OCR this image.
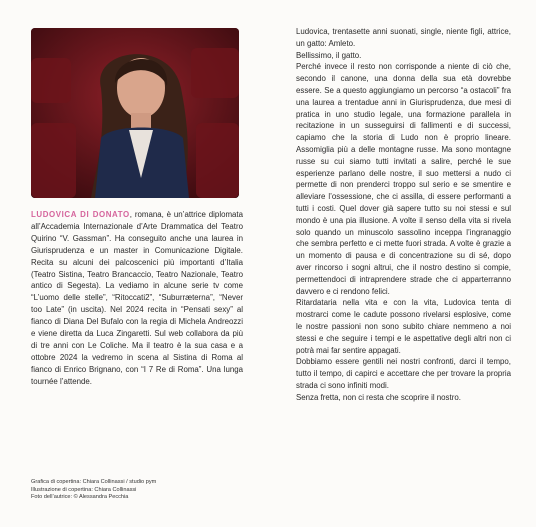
LUDOVICA DI DONATO, romana, è un’attrice diplomata all’Accademia Internazionale d’Arte Drammatica del Teatro Quirino “V. Gassman”. Ha conseguito anche una laurea in Giurisprudenza e un master in Comunicazione Digitale. Recita su alcuni dei palcoscenici più importanti d’Italia (Teatro Sistina, Teatro Brancaccio, Teatro Nazionale, Teatro antico di Segesta). La vediamo in alcune serie tv come “L’uomo delle stelle”, “Ritoccati2”, “Suburræterna”, “Never too Late” (in uscita). Nel 2024 recita in “Pensati sexy” al fianco di Diana Del Bufalo con la regia di Michela Andreozzi e viene diretta da Luca Zingaretti. Sul web collabora da più di tre anni con Le Coliche. Ma il teatro è la sua casa e a ottobre 2024 la vedremo in scena al Sistina di Roma al fianco di Enrico Brignano, con “I 7 Re di Roma”. Una lunga tournée l’attende.

Ludovica, trentasette anni suonati, single, niente figli, attrice, un gatto: Amleto.

Bellissimo, il gatto.

Perché invece il resto non corrisponde a niente di ciò che, secondo il canone, una donna della sua età dovrebbe essere. Se a questo aggiungiamo un percorso “a ostacoli” fra una laurea a trentadue anni in Giurisprudenza, due mesi di pratica in uno studio legale, una formazione parallela in recitazione in un susseguirsi di fallimenti e di successi, capiamo che la storia di Ludo non è proprio lineare. Assomiglia più a delle montagne russe. Ma sono montagne russe su cui siamo tutti invitati a salire, perché le sue esperienze parlano delle nostre, il suo mettersi a nudo ci permette di non prenderci troppo sul serio e se smentire e alleviare l’ossessione, che ci assilla, di essere performanti a tutti i costi. Quel dover già sapere tutto su noi stessi e sul mondo è una pia illusione. A volte il senso della vita si rivela solo quando un minuscolo sassolino inceppa l’ingranaggio che sembra perfetto e ci mette fuori strada. A volte è grazie a un momento di pausa e di concentrazione su di sé, dopo aver rincorso i sogni altrui, che il nostro destino si compie, permettendoci di intraprendere strade che ci apparterranno davvero e ci rendono felici.

Ritardataria nella vita e con la vita, Ludovica tenta di mostrarci come le cadute possono rivelarsi esplosive, come le nostre passioni non sono subito chiare nemmeno a noi stessi e che seguire i tempi e le aspettative degli altri non ci potrà mai far sentire appagati.

Dobbiamo essere gentili nei nostri confronti, darci il tempo, tutto il tempo, di capirci e accettare che per trovare la propria strada ci sono infiniti modi.

Senza fretta, non ci resta che scoprire il nostro.

Grafica di copertina: Chiara Collinassi / studio pym
Illustrazione di copertina: Chiara Collinassi
Foto dell’autrice: © Alessandra Pecchia
